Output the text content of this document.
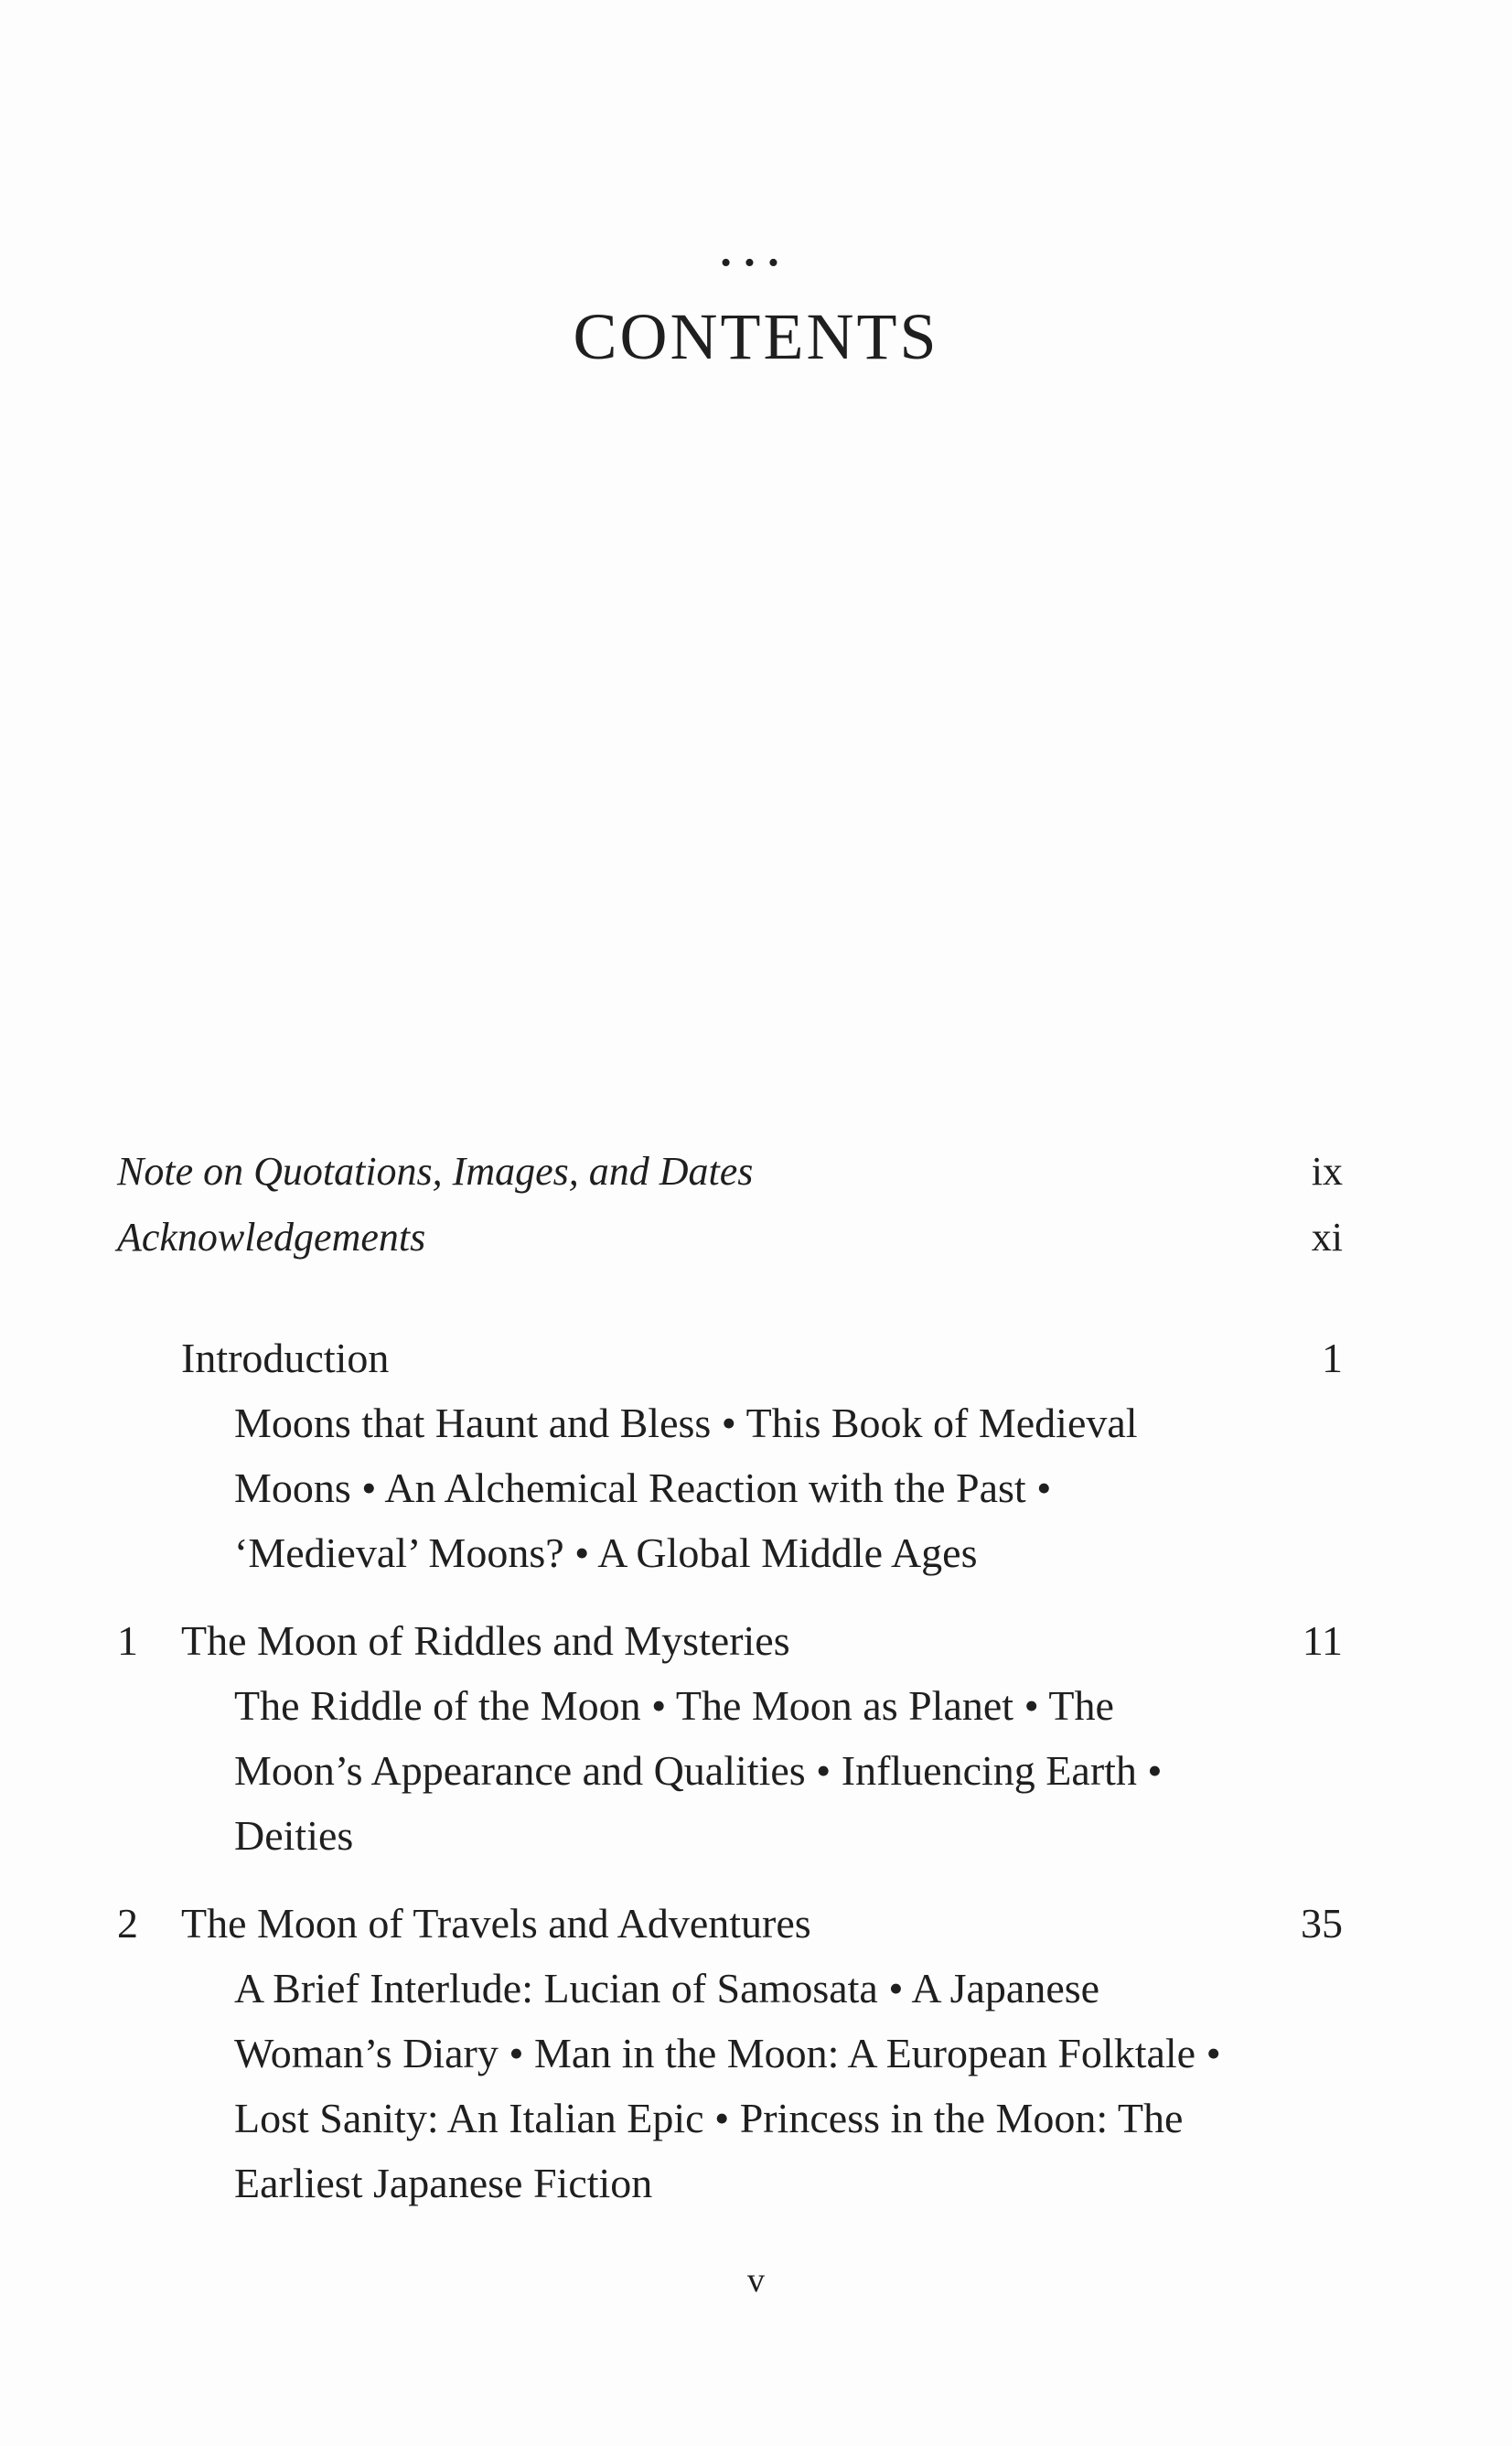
•••
CONTENTS
Note on Quotations, Images, and Dates	ix
Acknowledgements	xi
Introduction	1
Moons that Haunt and Bless • This Book of Medieval Moons • An Alchemical Reaction with the Past • ‘Medieval’ Moons? • A Global Middle Ages
1	The Moon of Riddles and Mysteries	11
The Riddle of the Moon • The Moon as Planet • The Moon’s Appearance and Qualities • Influencing Earth • Deities
2	The Moon of Travels and Adventures	35
A Brief Interlude: Lucian of Samosata • A Japanese Woman’s Diary • Man in the Moon: A European Folktale • Lost Sanity: An Italian Epic • Princess in the Moon: The Earliest Japanese Fiction
v
